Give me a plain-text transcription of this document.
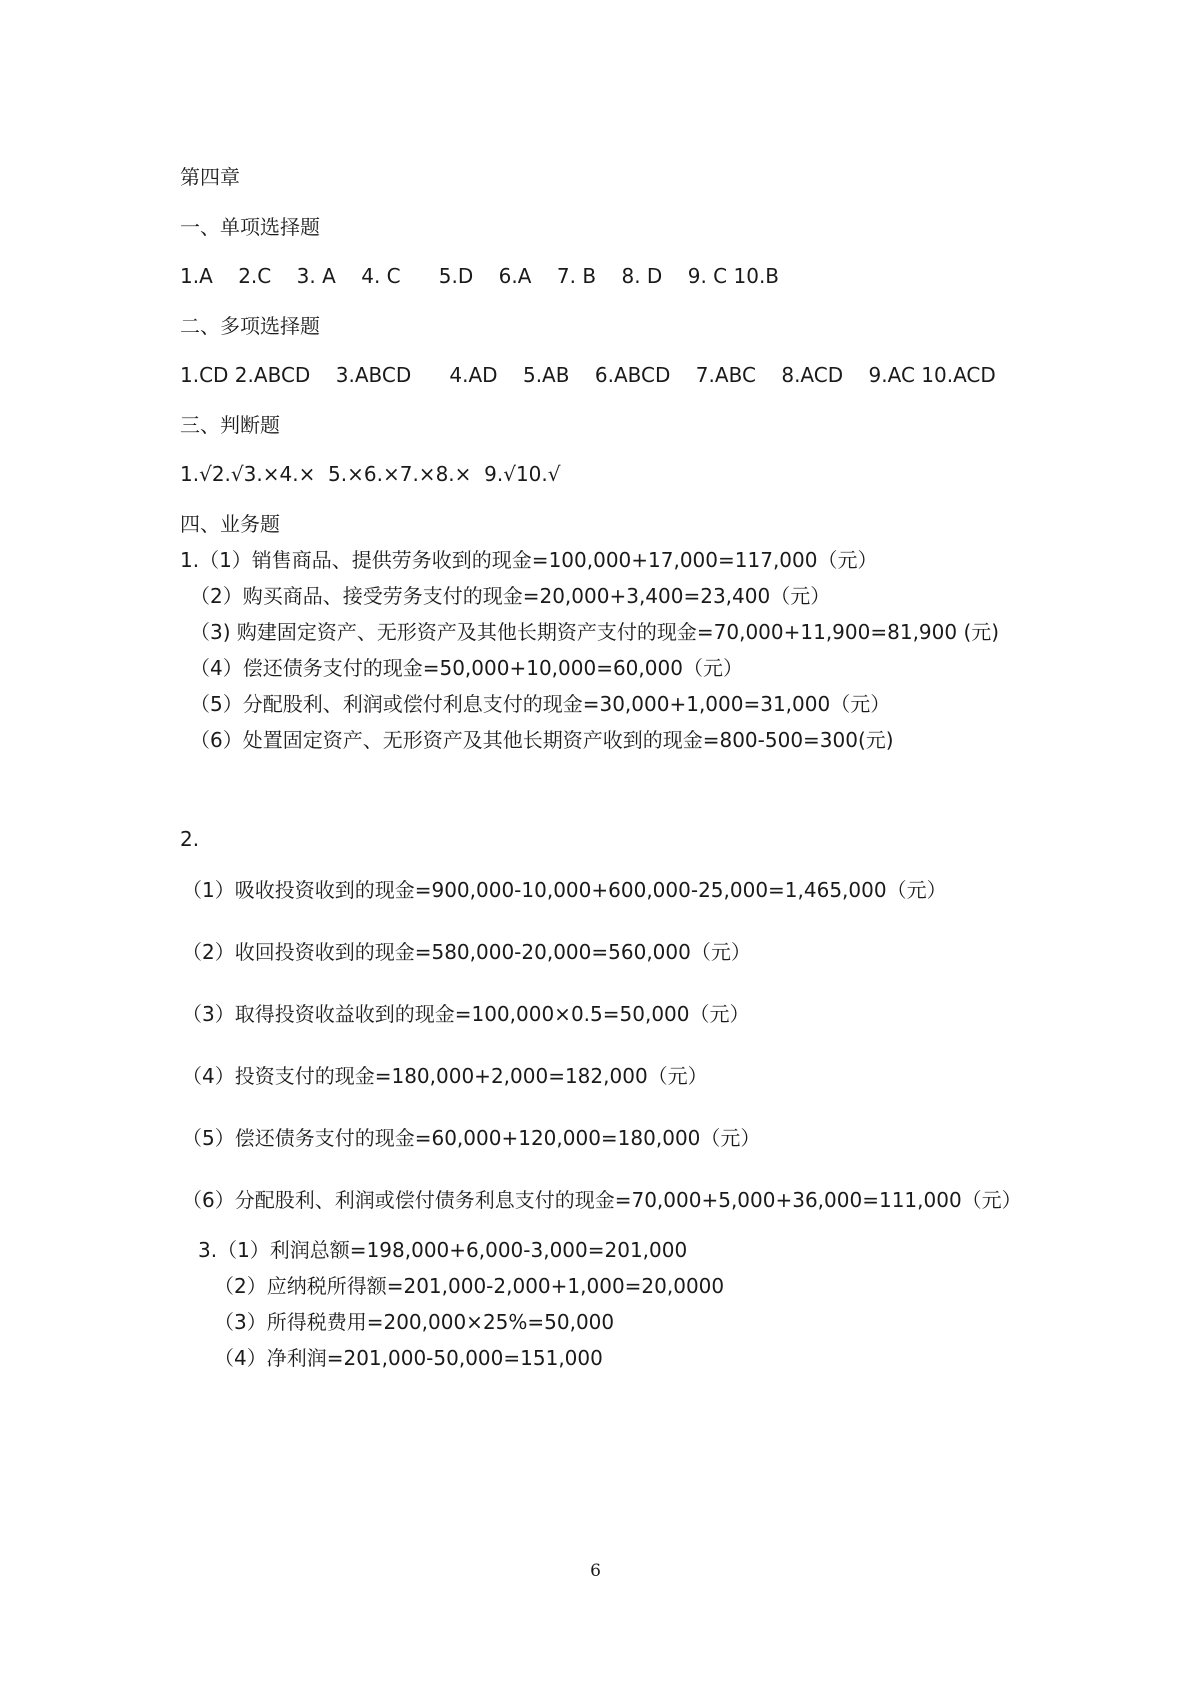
第四章
一、单项选择题
1.A    2.C    3. A    4. C      5.D    6.A    7. B    8. D    9. C 10.B
二、多项选择题
1.CD 2.ABCD    3.ABCD      4.AD    5.AB    6.ABCD    7.ABC    8.ACD    9.AC 10.ACD
三、判断题
1.√2.√3.×4.×  5.×6.×7.×8.×  9.√10.√
四、业务题
1.（1）销售商品、提供劳务收到的现金=100,000+17,000=117,000（元）
（2）购买商品、接受劳务支付的现金=20,000+3,400=23,400（元）
（3) 购建固定资产、无形资产及其他长期资产支付的现金=70,000+11,900=81,900 (元)
（4）偿还债务支付的现金=50,000+10,000=60,000（元）
（5）分配股利、利润或偿付利息支付的现金=30,000+1,000=31,000（元）
（6）处置固定资产、无形资产及其他长期资产收到的现金=800-500=300(元)
2.
（1）吸收投资收到的现金=900,000-10,000+600,000-25,000=1,465,000（元）
（2）收回投资收到的现金=580,000-20,000=560,000（元）
（3）取得投资收益收到的现金=100,000×0.5=50,000（元）
（4）投资支付的现金=180,000+2,000=182,000（元）
（5）偿还债务支付的现金=60,000+120,000=180,000（元）
（6）分配股利、利润或偿付债务利息支付的现金=70,000+5,000+36,000=111,000（元）
3.（1）利润总额=198,000+6,000-3,000=201,000
（2）应纳税所得额=201,000-2,000+1,000=20,0000
（3）所得税费用=200,000×25%=50,000
（4）净利润=201,000-50,000=151,000
6
